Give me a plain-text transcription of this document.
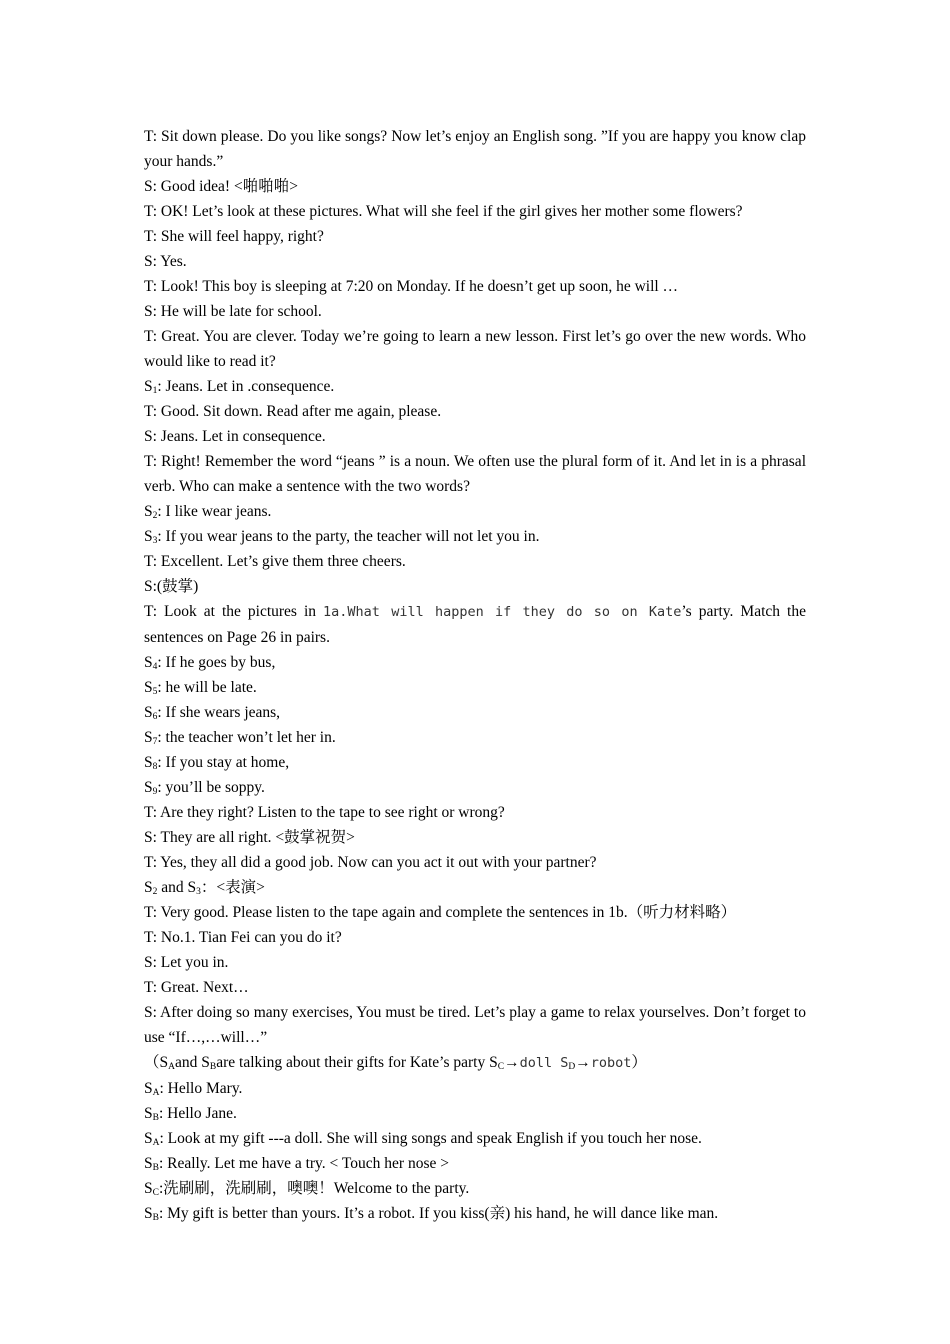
T: Sit down please. Do you like songs? Now let’s enjoy an English song. ”If you are happy you know clap your hands.”

S: Good idea! <啪啪啪>

T: OK! Let’s look at these pictures. What will she feel if the girl gives her mother some flowers?

T: She will feel happy, right?

S: Yes.

T: Look! This boy is sleeping at 7:20 on Monday. If he doesn’t get up soon, he will …

S: He will be late for school.

T: Great. You are clever. Today we’re going to learn a new lesson. First let’s go over the new words. Who would like to read it?

$S_1$: Jeans. Let in .consequence.

T: Good. Sit down. Read after me again, please.

S: Jeans. Let in consequence.

T: Right! Remember the word “jeans ” is a noun. We often use the plural form of it. And let in is a phrasal verb. Who can make a sentence with the two words?

$S_2$: I like wear jeans.

$S_3$: If you wear jeans to the party, the teacher will not let you in.

T: Excellent. Let’s give them three cheers.

S:(鼓掌)

T: Look at the pictures in 1a.What will happen if they do so on Kate’s party. Match the sentences on Page 26 in pairs.

$S_4$: If he goes by bus,

$S_5$: he will be late.

$S_6$: If she wears jeans,

$S_7$: the teacher won’t let her in.

$S_8$: If you stay at home,

$S_9$: you’ll be soppy.

T: Are they right? Listen to the tape to see right or wrong?

S: They are all right. <鼓掌祝贺>

T: Yes, they all did a good job. Now can you act it out with your partner?

$S_2$ and $S_3$：<表演>

T: Very good. Please listen to the tape again and complete the sentences in 1b.（听力材料略）

T: No.1. Tian Fei can you do it?

S: Let you in.

T: Great. Next…

S: After doing so many exercises, You must be tired. Let’s play a game to relax yourselves. Don’t forget to use “If…,…will…”

（$S_Aand$ $S_Bare$ talking about their gifts for Kate’s party $S_C\to doll$ $S_D\to robot$）

$S_A$: Hello Mary.

$S_B$: Hello Jane.

$S_A$: Look at my gift ---a doll. She will sing songs and speak English if you touch her nose.

$S_B$: Really. Let me have a try. < Touch her nose >

$S_C$:洗刷刷，洗刷刷，噢噢！Welcome to the party.

$S_B$: My gift is better than yours. It’s a robot. If you kiss(亲) his hand, he will dance like man.
